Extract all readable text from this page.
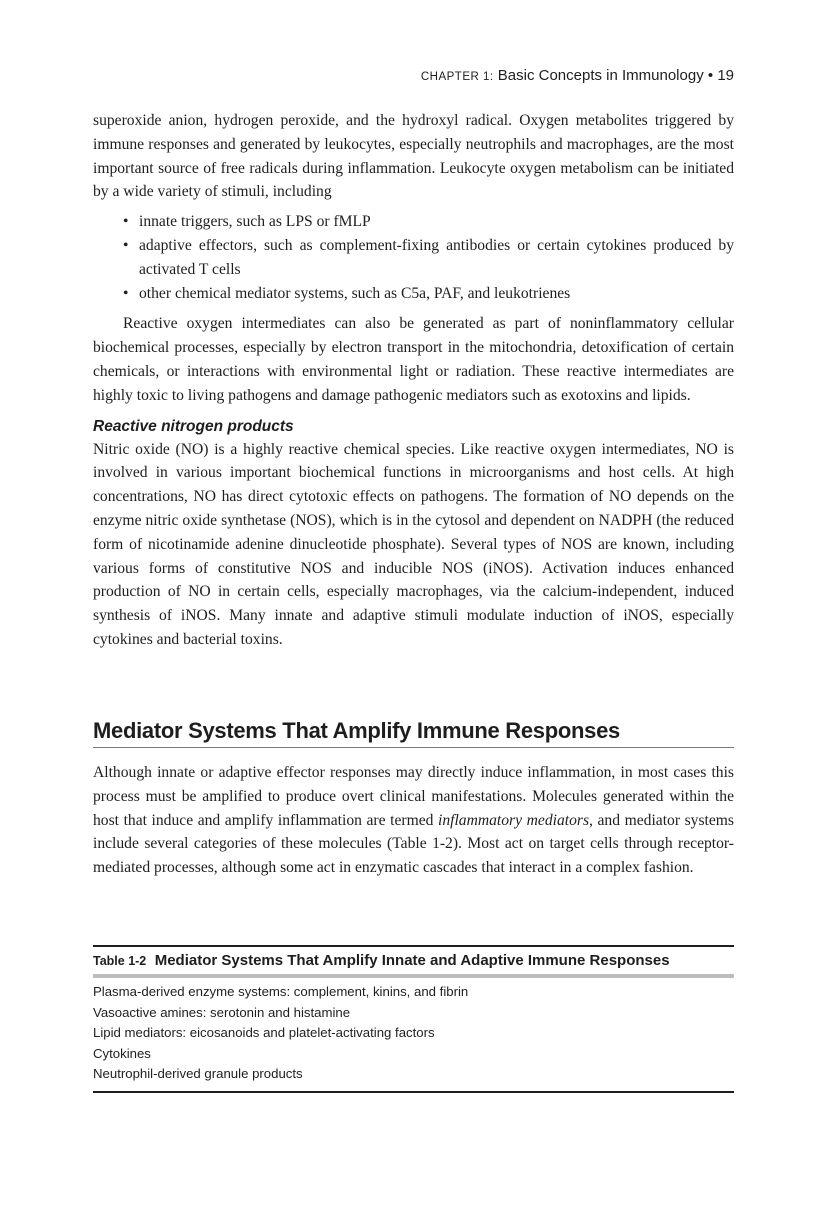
CHAPTER 1: Basic Concepts in Immunology • 19

superoxide anion, hydrogen peroxide, and the hydroxyl radical. Oxygen metabolites triggered by immune responses and generated by leukocytes, especially neutrophils and macrophages, are the most important source of free radicals during inflammation. Leukocyte oxygen metabolism can be initiated by a wide variety of stimuli, including

• innate triggers, such as LPS or fMLP
• adaptive effectors, such as complement-fixing antibodies or certain cytokines produced by activated T cells
• other chemical mediator systems, such as C5a, PAF, and leukotrienes

Reactive oxygen intermediates can also be generated as part of noninflammatory cellular biochemical processes, especially by electron transport in the mitochondria, detoxification of certain chemicals, or interactions with environmental light or radiation. These reactive intermediates are highly toxic to living pathogens and damage pathogenic mediators such as exotoxins and lipids.

Reactive nitrogen products

Nitric oxide (NO) is a highly reactive chemical species. Like reactive oxygen intermediates, NO is involved in various important biochemical functions in microorganisms and host cells. At high concentrations, NO has direct cytotoxic effects on pathogens. The formation of NO depends on the enzyme nitric oxide synthetase (NOS), which is in the cytosol and dependent on NADPH (the reduced form of nicotinamide adenine dinucleotide phosphate). Several types of NOS are known, including various forms of constitutive NOS and inducible NOS (iNOS). Activation induces enhanced production of NO in certain cells, especially macrophages, via the calcium-independent, induced synthesis of iNOS. Many innate and adaptive stimuli modulate induction of iNOS, especially cytokines and bacterial toxins.

Mediator Systems That Amplify Immune Responses

Although innate or adaptive effector responses may directly induce inflammation, in most cases this process must be amplified to produce overt clinical manifestations. Molecules generated within the host that induce and amplify inflammation are termed inflammatory mediators, and mediator systems include several categories of these molecules (Table 1-2). Most act on target cells through receptor-mediated processes, although some act in enzymatic cascades that interact in a complex fashion.

Table 1-2 Mediator Systems That Amplify Innate and Adaptive Immune Responses
Plasma-derived enzyme systems: complement, kinins, and fibrin
Vasoactive amines: serotonin and histamine
Lipid mediators: eicosanoids and platelet-activating factors
Cytokines
Neutrophil-derived granule products
